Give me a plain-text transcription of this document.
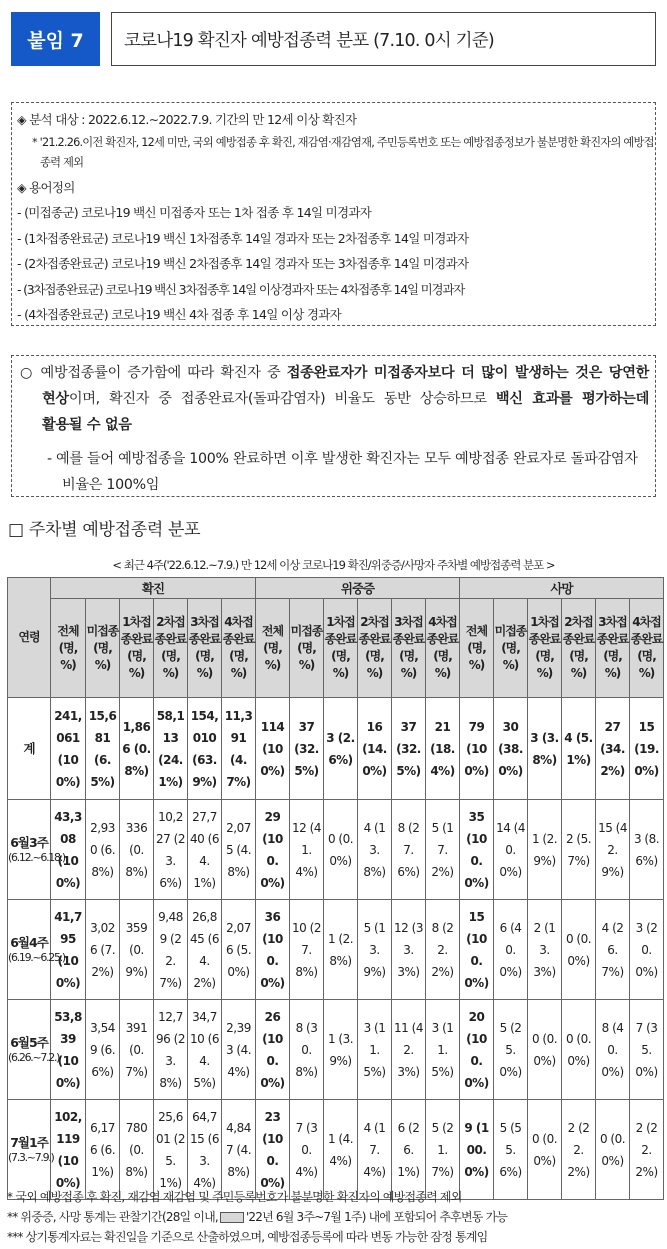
붙임 7	코로나19 확진자 예방접종력 분포 (7.10. 0시 기준)
◈ 분석 대상 : 2022.6.12.∼2022.7.9. 기간의 만 12세 이상 확진자
* '21.2.26.이전 확진자, 12세 미만, 국외 예방접종 후 확진, 재감염·재감염재, 주민등록번호 또는 예방접종정보가 불분명한 확진자의 예방접종력 제외
◈ 용어정의
- (미접종군) 코로나19 백신 미접종자 또는 1차 접종 후 14일 미경과자
- (1차접종완료군) 코로나19 백신 1차접종후 14일 경과자 또는 2차접종후 14일 미경과자
- (2차접종완료군) 코로나19 백신 2차접종후 14일 경과자 또는 3차접종후 14일 미경과자
- (3차접종완료군) 코로나19 백신 3차접종후 14일 이상경과자 또는 4차접종후 14일 미경과자
- (4차접종완료군) 코로나19 백신 4차 접종 후 14일 이상 경과자
○ 예방접종률이 증가함에 따라 확진자 중 접종완료자가 미접종자보다 더 많이 발생하는 것은 당연한 현상이며, 확진자 중 접종완료자(돌파감염자) 비율도 동반 상승하므로 백신 효과를 평가하는데 활용될 수 없음
- 예를 들어 예방접종을 100% 완료하면 이후 발생한 확진자는 모두 예방접종 완료자로 돌파감염자 비율은 100%임
□ 주차별 예방접종력 분포
< 최근 4주('22.6.12.~7.9.) 만 12세 이상 코로나19 확진/위중증/사망자 주차별 예방접종력 분포 >
연령	확진						위중증						사망					
	전체 (명, %)	미접종 (명, %)	1차접종완료 (명, %)	2차접종완료 (명, %)	3차접종완료 (명, %)	4차접종완료 (명, %)	전체 (명, %)	미접종 (명, %)	1차접종완료 (명, %)	2차접종완료 (명, %)	3차접종완료 (명, %)	4차접종완료 (명, %)	전체 (명, %)	미접종 (명, %)	1차접종완료 (명, %)	2차접종완료 (명, %)	3차접종완료 (명, %)	4차접종완료 (명, %)

계	241,061 (100%)	15,681 (6.5%)	1,866 (0.8%)	58,113 (24.1%)	154,010 (63.9%)	11,391 (4.7%)	114 (100%)	37 (32.5%)	3 (2.6%)	16 (14.0%)	37 (32.5%)	21 (18.4%)	79 (100%)	30 (38.0%)	3 (3.8%)	4 (5.1%)	27 (34.2%)	15 (19.0%)

6월3주
(6.12.~6.18.)	43,308 (100%)	2,930 (6.8%)	336 (0.8%)	10,227 (23.6%)	27,740 (64.1%)	2,075 (4.8%)	29 (100.0%)	12 (41.4%)	0 (0.0%)	4 (13.8%)	8 (27.6%)	5 (17.2%)	35 (100.0%)	14 (40.0%)	1 (2.9%)	2 (5.7%)	15 (42.9%)	3 (8.6%)

6월4주
(6.19.~6.25.)	41,795 (100%)	3,026 (7.2%)	359 (0.9%)	9,489 (22.7%)	26,845 (64.2%)	2,076 (5.0%)	36 (100.0%)	10 (27.8%)	1 (2.8%)	5 (13.9%)	12 (33.3%)	8 (22.2%)	15 (100.0%)	6 (40.0%)	2 (13.3%)	0 (0.0%)	4 (26.7%)	3 (20.0%)

6월5주
(6.26.~7.2.)	53,839 (100%)	3,549 (6.6%)	391 (0.7%)	12,796 (23.8%)	34,710 (64.5%)	2,393 (4.4%)	26 (100.0%)	8 (30.8%)	1 (3.9%)	3 (11.5%)	11 (42.3%)	3 (11.5%)	20 (100.0%)	5 (25.0%)	0 (0.0%)	0 (0.0%)	8 (40.0%)	7 (35.0%)

7월1주
(7.3.~7.9.)	102,119 (100%)	6,176 (6.1%)	780 (0.8%)	25,601 (25.1%)	64,715 (63.4%)	4,847 (4.8%)	23 (100.0%)	7 (30.4%)	1 (4.4%)	4 (17.4%)	6 (26.1%)	5 (21.7%)	9 (100.0%)	5 (55.6%)	0 (0.0%)	2 (22.2%)	0 (0.0%)	2 (22.2%)
* 국외 예방접종 후 확진, 재감염 재감염 및 주민등록번호가 불분명한 확진자의 예방접종력 제외
** 위중증, 사망 통계는 관찰기간(28일 이내, '22년 6월 3주~7월 1주) 내에 포함되어 추후변동 가능
*** 상기통계자료는 확진일을 기준으로 산출하였으며, 예방접종등록에 따라 변동 가능한 잠정 통계임
